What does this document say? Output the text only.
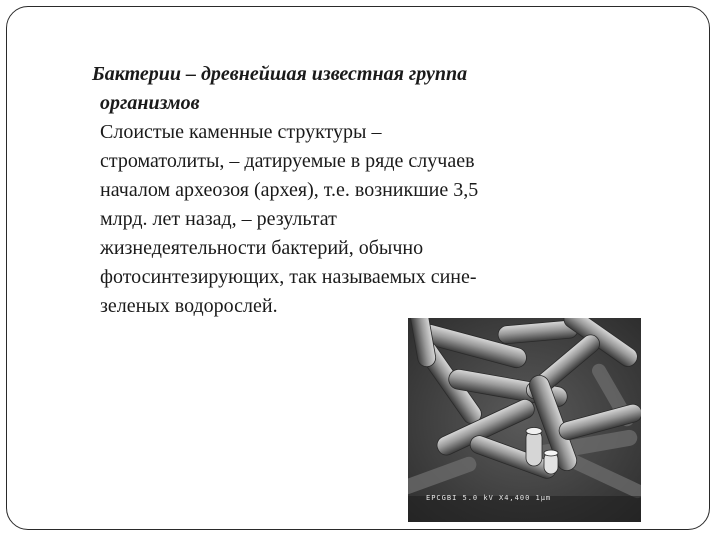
Бактерии – древнейшая известная группа
организмов

Слоистые каменные структуры –
строматолиты, – датируемые в ряде случаев
началом археозоя (архея), т.е. возникшие 3,5
млрд. лет назад, – результат
жизнедеятельности бактерий, обычно
фотосинтезирующих, так называемых сине-
зеленых водорослей.

EPCGBI 5.0 kV X4,400 1µm
